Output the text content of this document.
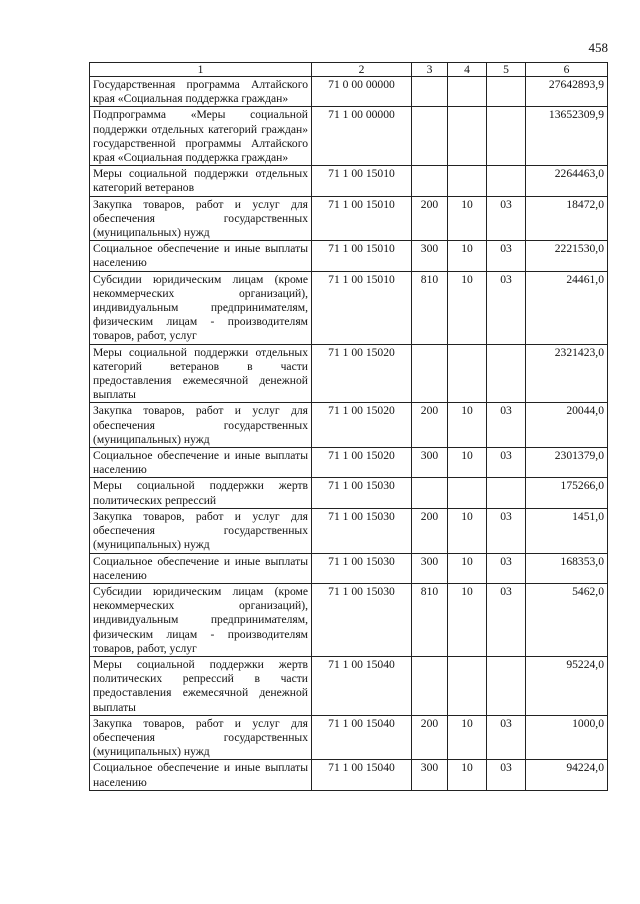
458
1	2	3	4	5	6
Государственная программа Алтайского края «Социальная поддержка граждан»	71 0 00 00000				27642893,9
Подпрограмма «Меры социальной поддержки отдельных категорий граждан» государственной программы Алтайского края «Социальная поддержка граждан»	71 1 00 00000				13652309,9
Меры социальной поддержки отдельных категорий ветеранов	71 1 00 15010				2264463,0
Закупка товаров, работ и услуг для обеспечения государственных (муниципальных) нужд	71 1 00 15010	200	10	03	18472,0
Социальное обеспечение и иные выплаты населению	71 1 00 15010	300	10	03	2221530,0
Субсидии юридическим лицам (кроме некоммерческих организаций), индивидуальным предпринимателям, физическим лицам - производителям товаров, работ, услуг	71 1 00 15010	810	10	03	24461,0
Меры социальной поддержки отдельных категорий ветеранов в части предоставления ежемесячной денежной выплаты	71 1 00 15020				2321423,0
Закупка товаров, работ и услуг для обеспечения государственных (муниципальных) нужд	71 1 00 15020	200	10	03	20044,0
Социальное обеспечение и иные выплаты населению	71 1 00 15020	300	10	03	2301379,0
Меры социальной поддержки жертв политических репрессий	71 1 00 15030				175266,0
Закупка товаров, работ и услуг для обеспечения государственных (муниципальных) нужд	71 1 00 15030	200	10	03	1451,0
Социальное обеспечение и иные выплаты населению	71 1 00 15030	300	10	03	168353,0
Субсидии юридическим лицам (кроме некоммерческих организаций), индивидуальным предпринимателям, физическим лицам - производителям товаров, работ, услуг	71 1 00 15030	810	10	03	5462,0
Меры социальной поддержки жертв политических репрессий в части предоставления ежемесячной денежной выплаты	71 1 00 15040				95224,0
Закупка товаров, работ и услуг для обеспечения государственных (муниципальных) нужд	71 1 00 15040	200	10	03	1000,0
Социальное обеспечение и иные выплаты населению	71 1 00 15040	300	10	03	94224,0
